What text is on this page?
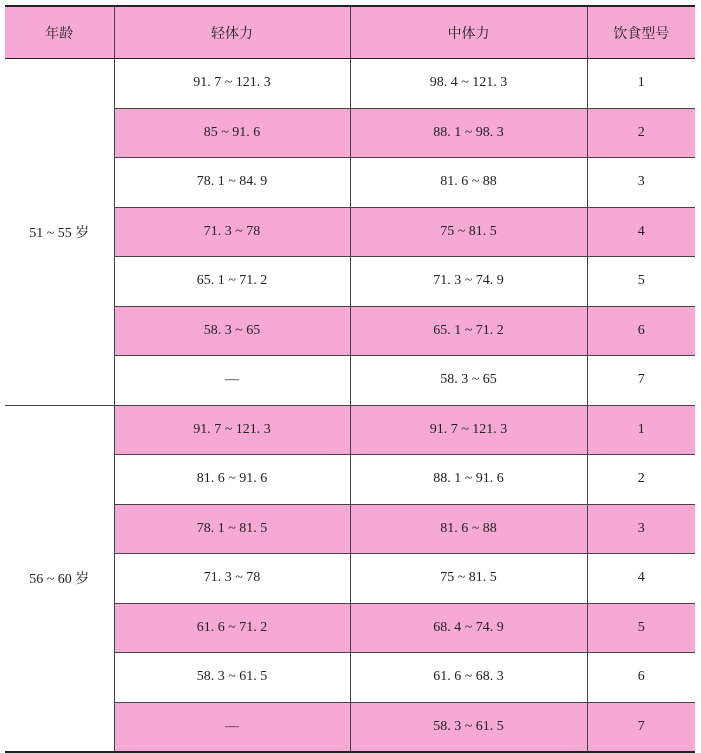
年龄	轻体力	中体力	饮食型号
51 ~ 55 岁	91. 7 ~ 121. 3	98. 4 ~ 121. 3	1
	85 ~ 91. 6	88. 1 ~ 98. 3	2
	78. 1 ~ 84. 9	81. 6 ~ 88	3
	71. 3 ~ 78	75 ~ 81. 5	4
	65. 1 ~ 71. 2	71. 3 ~ 74. 9	5
	58. 3 ~ 65	65. 1 ~ 71. 2	6
	—	58. 3 ~ 65	7
56 ~ 60 岁	91. 7 ~ 121. 3	91. 7 ~ 121. 3	1
	81. 6 ~ 91. 6	88. 1 ~ 91. 6	2
	78. 1 ~ 81. 5	81. 6 ~ 88	3
	71. 3 ~ 78	75 ~ 81. 5	4
	61. 6 ~ 71. 2	68. 4 ~ 74. 9	5
	58. 3 ~ 61. 5	61. 6 ~ 68. 3	6
	—	58. 3 ~ 61. 5	7
